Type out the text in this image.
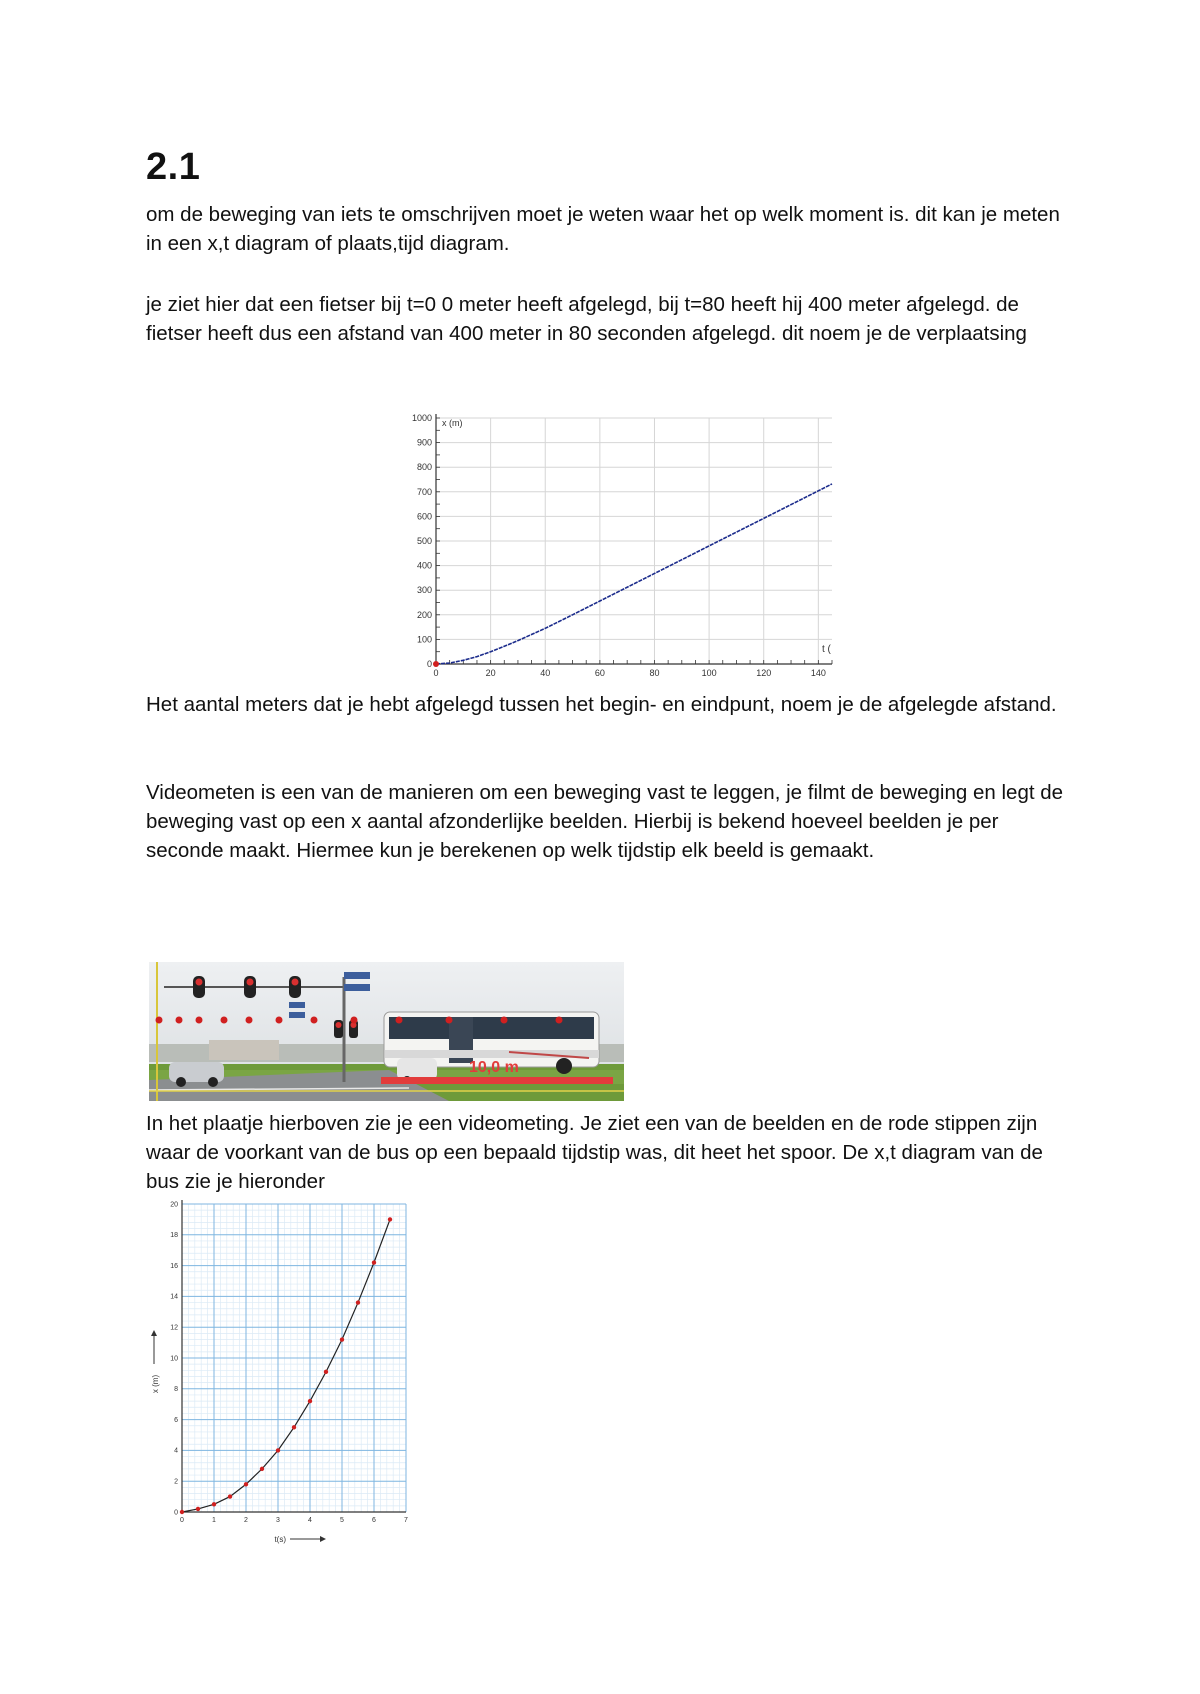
2.1

om de beweging van iets te omschrijven moet je weten waar het op welk moment is. dit kan je meten in een x,t diagram of plaats,tijd diagram.

je ziet hier dat een fietser bij t=0 0 meter heeft afgelegd, bij t=80 heeft hij 400 meter afgelegd. de fietser heeft dus een afstand van 400 meter in 80 seconden afgelegd. dit noem je de verplaatsing

0	20	40	60	80	100	120	140
0
100
200
300
400
500
600
700
800
900
1000 x (m)
t (

Het aantal meters dat je hebt afgelegd tussen het begin- en eindpunt, noem je de afgelegde afstand.

Videometen is een van de manieren om een beweging vast te leggen, je filmt de beweging en legt de beweging vast op een x aantal afzonderlijke beelden. Hierbij is bekend hoeveel beelden je per seconde maakt. Hiermee kun je berekenen op welk tijdstip elk beeld is gemaakt.

10,0 m

In het plaatje hierboven zie je een videometing. Je ziet een van de beelden en de rode stippen zijn waar de voorkant van de bus op een bepaald tijdstip was, dit heet het spoor. De x,t diagram van de bus zie je hieronder

0	1	2	3	4	5	6	7
0
2
4
6
8
10
12
14
16
18
20
x (m)
t(s)
